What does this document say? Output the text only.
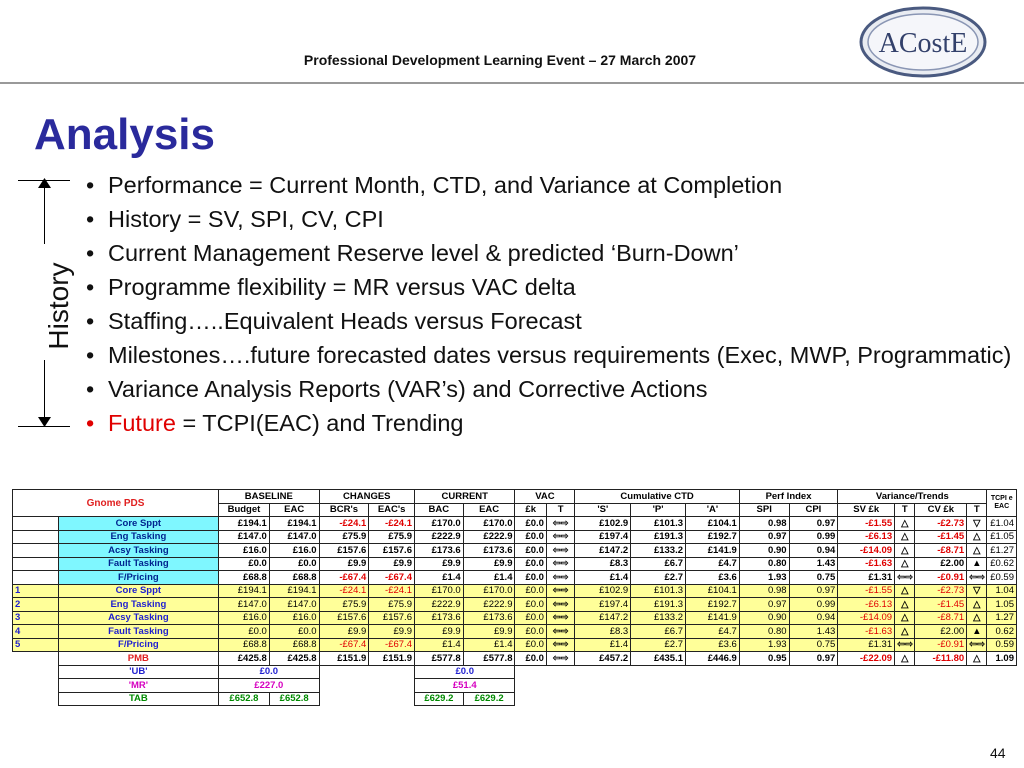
Professional Development Learning Event – 27 March 2007
ACostE
Analysis
History
• Performance = Current Month, CTD, and Variance at Completion
• History = SV, SPI, CV, CPI
• Current Management Reserve level & predicted ‘Burn-Down’
• Programme flexibility = MR versus VAC delta
• Staffing…..Equivalent Heads versus Forecast
• Milestones….future forecasted dates versus requirements (Exec, MWP, Programmatic)
• Variance Analysis Reports (VAR’s) and Corrective Actions
• Future = TCPI(EAC) and Trending
Gnome PDS		BASELINE		CHANGES		CURRENT		VAC		Cumulative CTD			Perf Index		Variance/Trends				TCPI e EAC
		Budget	EAC	BCR's	EAC's	BAC	EAC	£k	T	'S'	'P'	'A'	SPI	CPI	SV £k	T	CV £k	T	
	Core Sppt	£194.1	£194.1	-£24.1	-£24.1	£170.0	£170.0	£0.0	⇦⇨	£102.9	£101.3	£104.1	0.98	0.97	-£1.55	△	-£2.73	▽	£1.04
	Eng Tasking	£147.0	£147.0	£75.9	£75.9	£222.9	£222.9	£0.0	⇦⇨	£197.4	£191.3	£192.7	0.97	0.99	-£6.13	△	-£1.45	△	£1.05
	Acsy Tasking	£16.0	£16.0	£157.6	£157.6	£173.6	£173.6	£0.0	⇦⇨	£147.2	£133.2	£141.9	0.90	0.94	-£14.09	△	-£8.71	△	£1.27
	Fault Tasking	£0.0	£0.0	£9.9	£9.9	£9.9	£9.9	£0.0	⇦⇨	£8.3	£6.7	£4.7	0.80	1.43	-£1.63	△	£2.00	▲	£0.62
	F/Pricing	£68.8	£68.8	-£67.4	-£67.4	£1.4	£1.4	£0.0	⇦⇨	£1.4	£2.7	£3.6	1.93	0.75	£1.31	⇦⇨	-£0.91	⇦⇨	£0.59
1	Core Sppt	£194.1	£194.1	-£24.1	-£24.1	£170.0	£170.0	£0.0	⇦⇨	£102.9	£101.3	£104.1	0.98	0.97	-£1.55	△	-£2.73	▽	1.04
2	Eng Tasking	£147.0	£147.0	£75.9	£75.9	£222.9	£222.9	£0.0	⇦⇨	£197.4	£191.3	£192.7	0.97	0.99	-£6.13	△	-£1.45	△	1.05
3	Acsy Tasking	£16.0	£16.0	£157.6	£157.6	£173.6	£173.6	£0.0	⇦⇨	£147.2	£133.2	£141.9	0.90	0.94	-£14.09	△	-£8.71	△	1.27
4	Fault Tasking	£0.0	£0.0	£9.9	£9.9	£9.9	£9.9	£0.0	⇦⇨	£8.3	£6.7	£4.7	0.80	1.43	-£1.63	△	£2.00	▲	0.62
5	F/Pricing	£68.8	£68.8	-£67.4	-£67.4	£1.4	£1.4	£0.0	⇦⇨	£1.4	£2.7	£3.6	1.93	0.75	£1.31	⇦⇨	-£0.91	⇦⇨	0.59
	PMB	£425.8	£425.8	£151.9	£151.9	£577.8	£577.8	£0.0	⇦⇨	£457.2	£435.1	£446.9	0.95	0.97	-£22.09	△	-£11.80	△	1.09
	'UB'	£0.0				£0.0													
	'MR'	£227.0				£51.4													
	TAB	£652.8	£652.8			£629.2	£629.2												
44
